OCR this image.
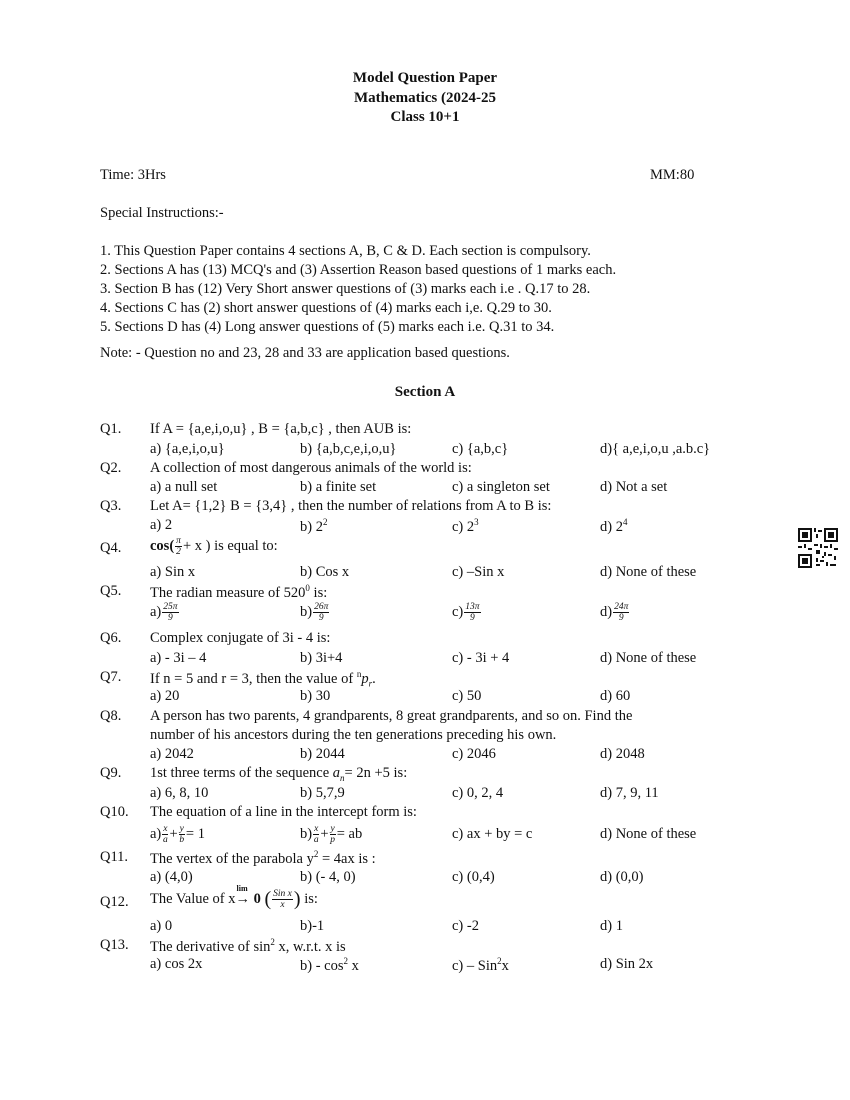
Model Question Paper
Mathematics (2024-25
Class 10+1
Time: 3Hrs	MM:80
Special Instructions:-
1. This Question Paper contains 4 sections A, B, C & D. Each section is compulsory.
2. Sections A has (13) MCQ's and (3) Assertion Reason based questions of 1 marks each.
3. Section B has (12) Very Short answer questions of (3) marks each i.e . Q.17 to 28.
4. Sections C has (2) short answer questions of (4) marks each i,e. Q.29 to 30.
5. Sections D has (4) Long answer questions of (5) marks each i.e. Q.31 to 34.
Note: - Question no and 23, 28 and 33 are application based questions.
Section A
Q1. If A = {a,e,i,o,u} , B = {a,b,c} , then AUB is:
a) {a,e,i,o,u}	b) {a,b,c,e,i,o,u}	c) {a,b,c}	d){ a,e,i,o,u ,a.b.c}
Q2. A collection of most dangerous animals of the world is:
a) a null set	b) a finite set	c) a singleton set	d) Not a set
Q3. Let A= {1,2} B = {3,4} , then the number of relations from A to B is:
a) 2	b) $2^2$	c) $2^3$	d) $2^4$
Q4. $\cos( \frac{\pi}{2} + x$ ) is equal to:
a) Sin x	b) Cos x	c) –Sin x	d) None of these
Q5. The radian measure of $520^0$ is:
$a) \frac{25\pi}{9}$	$b) \frac{26\pi}{9}$	$c) \frac{13\pi}{9}$	$d) \frac{24\pi}{9}$
Q6. Complex conjugate of 3i - 4 is:
a) - 3i – 4	b) 3i+4	c) - 3i + 4	d) None of these
Q7. If n = 5 and r = 3, then the value of $^np_r$.
a) 20	b) 30	c) 50	d) 60
Q8. A person has two parents, 4 grandparents, 8 great grandparents, and so on. Find the
number of his ancestors during the ten generations preceding his own.
a) 2042	b) 2044	c) 2046	d) 2048
Q9. 1st three terms of the sequence $a_n= 2n +5$ is:
a) 6, 8, 10	b) 5,7,9	c) 0, 2, 4	d) 7, 9, 11
Q10. The equation of a line in the intercept form is:
$a) \frac{x}{a} + \frac{y}{b} = 1$	$b) \frac{x}{a} + \frac{y}{p}$ = ab	c) ax + by = c	d) None of these
Q11. The vertex of the parabola $y^2 = 4ax$ is :
a) (4,0)	b) (- 4, 0)	c) (0,4)	d) (0,0)
Q12. The Value of x
lim
→ 0 ( $\frac{\text{Sin x}}{x}$ ) is:
a) 0	b)-1	c) -2	d) 1
Q13. The derivative of $\sin^2 x$, w.r.t. x is
a) cos 2x	$b) - \cos^2 x$	c) – Sin$^2$x	d) Sin 2x
